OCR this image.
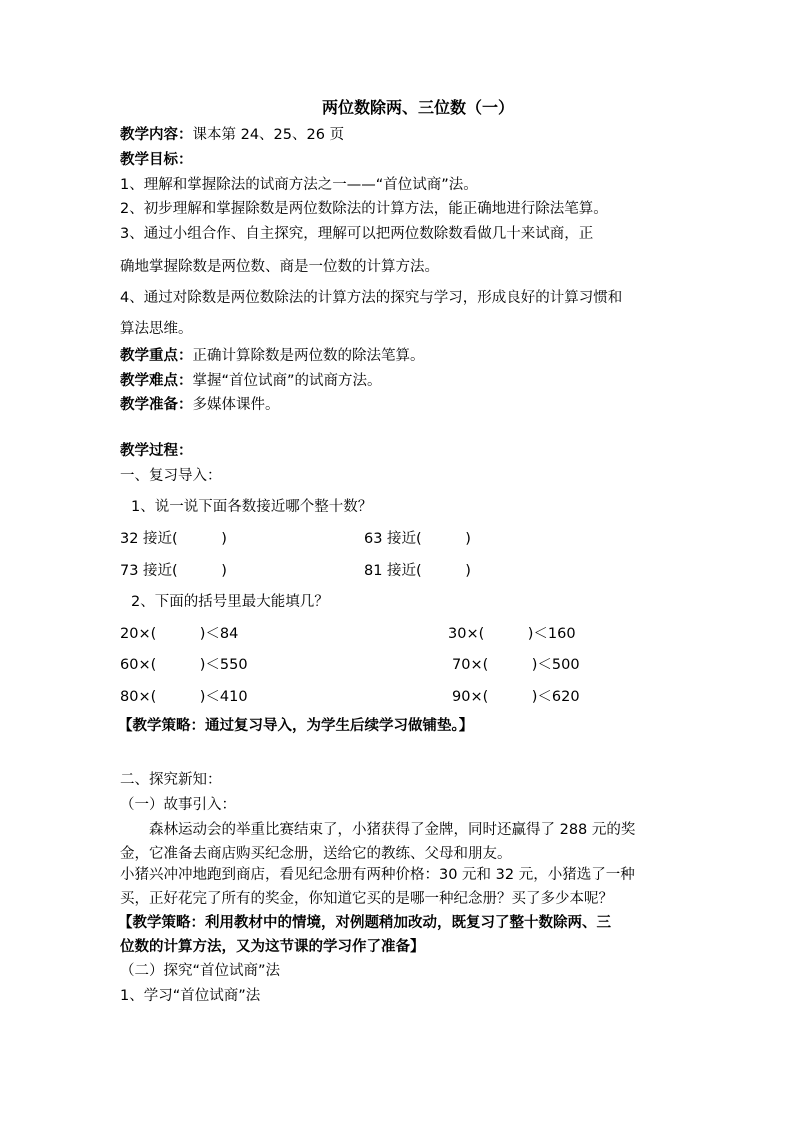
两位数除两、三位数（一）
教学内容：课本第 24、25、26 页
教学目标：
1、理解和掌握除法的试商方法之一——“首位试商”法。
2、初步理解和掌握除数是两位数除法的计算方法，能正确地进行除法笔算。
3、通过小组合作、自主探究，理解可以把两位数除数看做几十来试商，正
确地掌握除数是两位数、商是一位数的计算方法。
4、通过对除数是两位数除法的计算方法的探究与学习，形成良好的计算习惯和
算法思维。
教学重点：正确计算除数是两位数的除法笔算。
教学难点：掌握“首位试商”的试商方法。
教学准备：多媒体课件。
教学过程：
一、复习导入：
1、说一说下面各数接近哪个整十数？
32 接近(　　　)	63 接近(　　　)
73 接近(　　　)	81 接近(　　　)
2、下面的括号里最大能填几？
20×(　　　)＜84	30×(　　　)＜160
60×(　　　)＜550	70×(　　　)＜500
80×(　　　)＜410	90×(　　　)＜620
【教学策略：通过复习导入，为学生后续学习做铺垫。】
二、探究新知：
（一）故事引入：
森林运动会的举重比赛结束了，小猪获得了金牌，同时还赢得了 288 元的奖
金，它准备去商店购买纪念册，送给它的教练、父母和朋友。
小猪兴冲冲地跑到商店，看见纪念册有两种价格：30 元和 32 元，小猪选了一种
买，正好花完了所有的奖金，你知道它买的是哪一种纪念册？买了多少本呢？
【教学策略：利用教材中的情境，对例题稍加改动，既复习了整十数除两、三
位数的计算方法，又为这节课的学习作了准备】
（二）探究“首位试商”法
1、学习“首位试商”法
